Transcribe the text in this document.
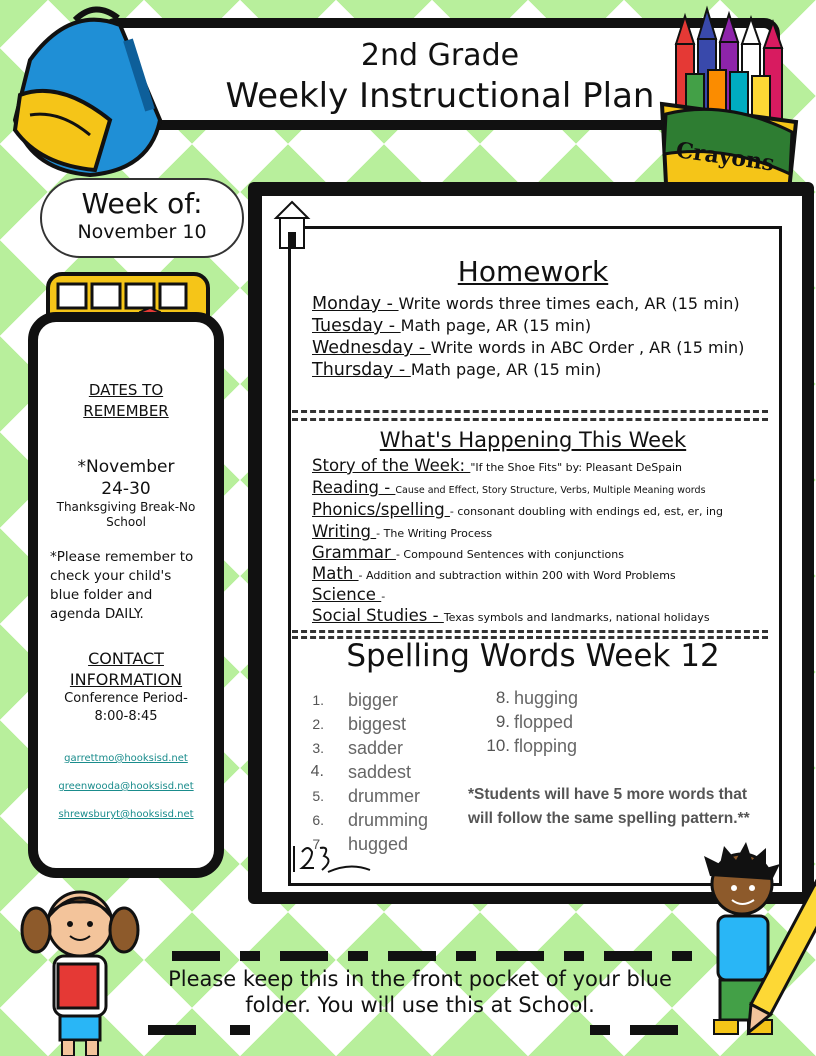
2nd Grade
Weekly Instructional Plan
Crayons
Week of:
November 10
DATES TO REMEMBER
*November 24-30
Thanksgiving Break-No School
*Please remember to check your child's blue folder and agenda DAILY.
CONTACT INFORMATION
Conference Period- 8:00-8:45
garrettmo@hooksisd.net
greenwooda@hooksisd.net
shrewsburyt@hooksisd.net
Homework
Monday - Write words three times each, AR (15 min)
Tuesday - Math page, AR (15 min)
Wednesday - Write words in ABC Order , AR (15 min)
Thursday - Math page, AR (15 min)
What's Happening This Week
Story of the Week: "If the Shoe Fits" by: Pleasant DeSpain
Reading - Cause and Effect, Story Structure, Verbs, Multiple Meaning words
Phonics/spelling - consonant doubling with endings ed, est, er, ing
Writing - The Writing Process
Grammar - Compound Sentences with conjunctions
Math - Addition and subtraction within 200 with Word Problems
Science -
Social Studies - Texas symbols and landmarks, national holidays
Spelling Words Week 12
1. bigger
2. biggest
3. sadder
4. saddest
5. drummer
6. drumming
7. hugged
8. hugging
9. flopped
10. flopping
*Students will have 5 more words that will follow the same spelling pattern.**
Please keep this in the front pocket of your blue folder. You will use this at School.
